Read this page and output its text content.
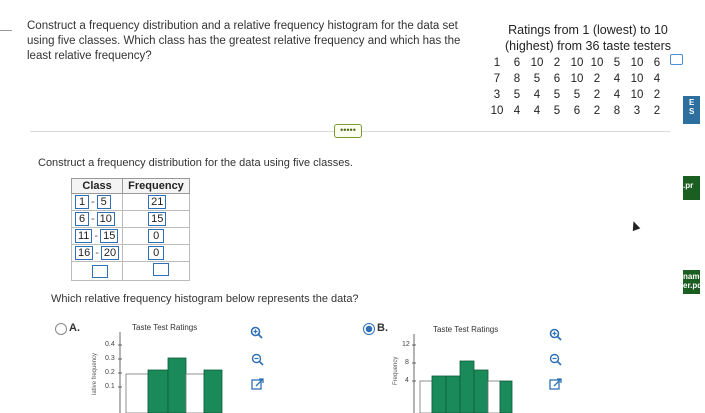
Construct a frequency distribution and a relative frequency histogram for the data set using five classes. Which class has the greatest relative frequency and which has the least relative frequency?
Ratings from 1 (lowest) to 10
(highest) from 36 taste testers
1	6 10 2 10 10 5 10 6
7	8	5	6 10 2	4 10 4
3	5	4	5	5	2	4 10 2
10 4	4	5	6	2	8	3	2
•••••
Construct a frequency distribution for the data using five classes.
Class	Frequency

1 - 5	21

6 - 10	15

11 - 15	0

16 - 20	0

Which relative frequency histogram below represents the data?
A.	Taste Test Ratings
lative frequency
0.4
0.3
0.2
0.1
B.	Taste Test Ratings
Frequency
12
8
4
E
S
.pr
name
er.pdf
